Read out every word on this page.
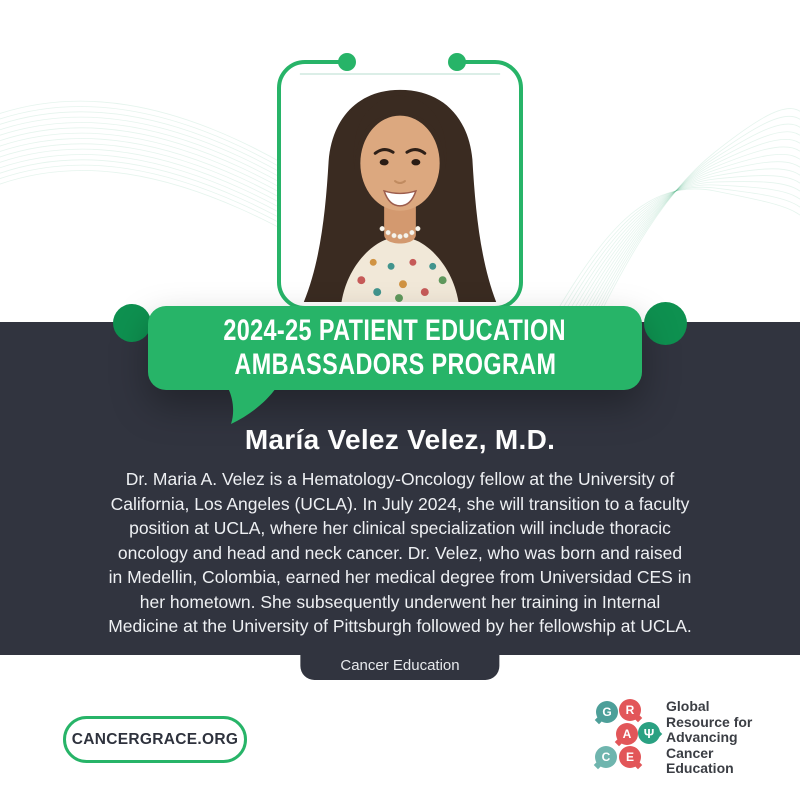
2024-25 PATIENT EDUCATION
AMBASSADORS PROGRAM
María Velez Velez, M.D.
Dr. Maria A. Velez is a Hematology-Oncology fellow at the University of
California, Los Angeles (UCLA). In July 2024, she will transition to a faculty
position at UCLA, where her clinical specialization will include thoracic
oncology and head and neck cancer. Dr. Velez, who was born and raised
in Medellin, Colombia, earned her medical degree from Universidad CES in
her hometown. She subsequently underwent her training in Internal
Medicine at the University of Pittsburgh followed by her fellowship at UCLA.
Cancer Education
CANCERGRACE.ORG
G	R
A Ψ
C	E
Global
Resource for
Advancing
Cancer
Education
